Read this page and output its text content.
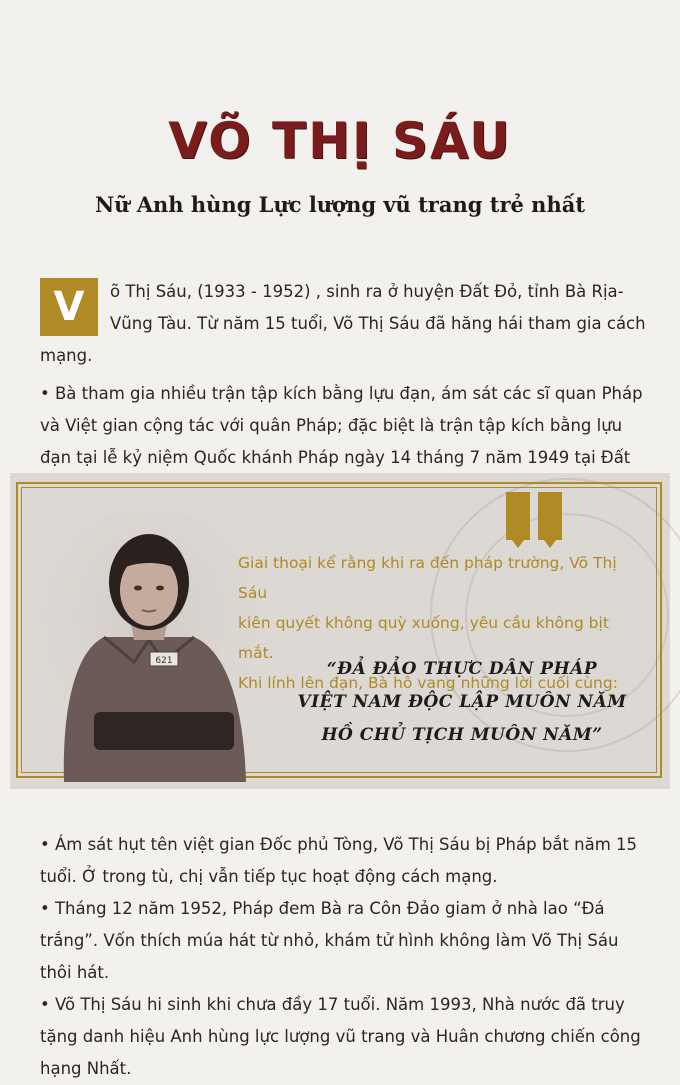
VÕ THỊ SÁU
Nữ Anh hùng Lực lượng vũ trang trẻ nhất
V	õ Thị Sáu, (1933 - 1952) , sinh ra ở huyện Đất Đỏ, tỉnh Bà Rịa-Vũng Tàu. Từ năm 15 tuổi, Võ Thị Sáu đã hăng hái tham gia cách mạng.

• Bà tham gia nhiều trận tập kích bằng lựu đạn, ám sát các sĩ quan Pháp và Việt gian cộng tác với quân Pháp; đặc biệt là trận tập kích bằng lựu đạn tại lễ kỷ niệm Quốc khánh Pháp ngày 14 tháng 7 năm 1949 tại Đất

621

Giai thoại kể rằng khi ra đến pháp trường, Võ Thị Sáu

kiên quyết không quỳ xuống, yêu cầu không bịt mắt.

Khi lính lên đạn, Bà hô vang những lời cuối cùng:

“ĐẢ ĐẢO THỰC DÂN PHÁP
VIỆT NAM ĐỘC LẬP MUÔN NĂM
HỒ CHỦ TỊCH MUÔN NĂM”

• Ám sát hụt tên việt gian Đốc phủ Tòng, Võ Thị Sáu bị Pháp bắt năm 15 tuổi. Ở trong tù, chị vẫn tiếp tục hoạt động cách mạng.

• Tháng 12 năm 1952, Pháp đem Bà ra Côn Đảo giam ở nhà lao “Đá trắng”. Vốn thích múa hát từ nhỏ, khám tử hình không làm Võ Thị Sáu thôi hát.

• Võ Thị Sáu hi sinh khi chưa đầy 17 tuổi. Năm 1993, Nhà nước đã truy tặng danh hiệu Anh hùng lực lượng vũ trang và Huân chương chiến công hạng Nhất.
